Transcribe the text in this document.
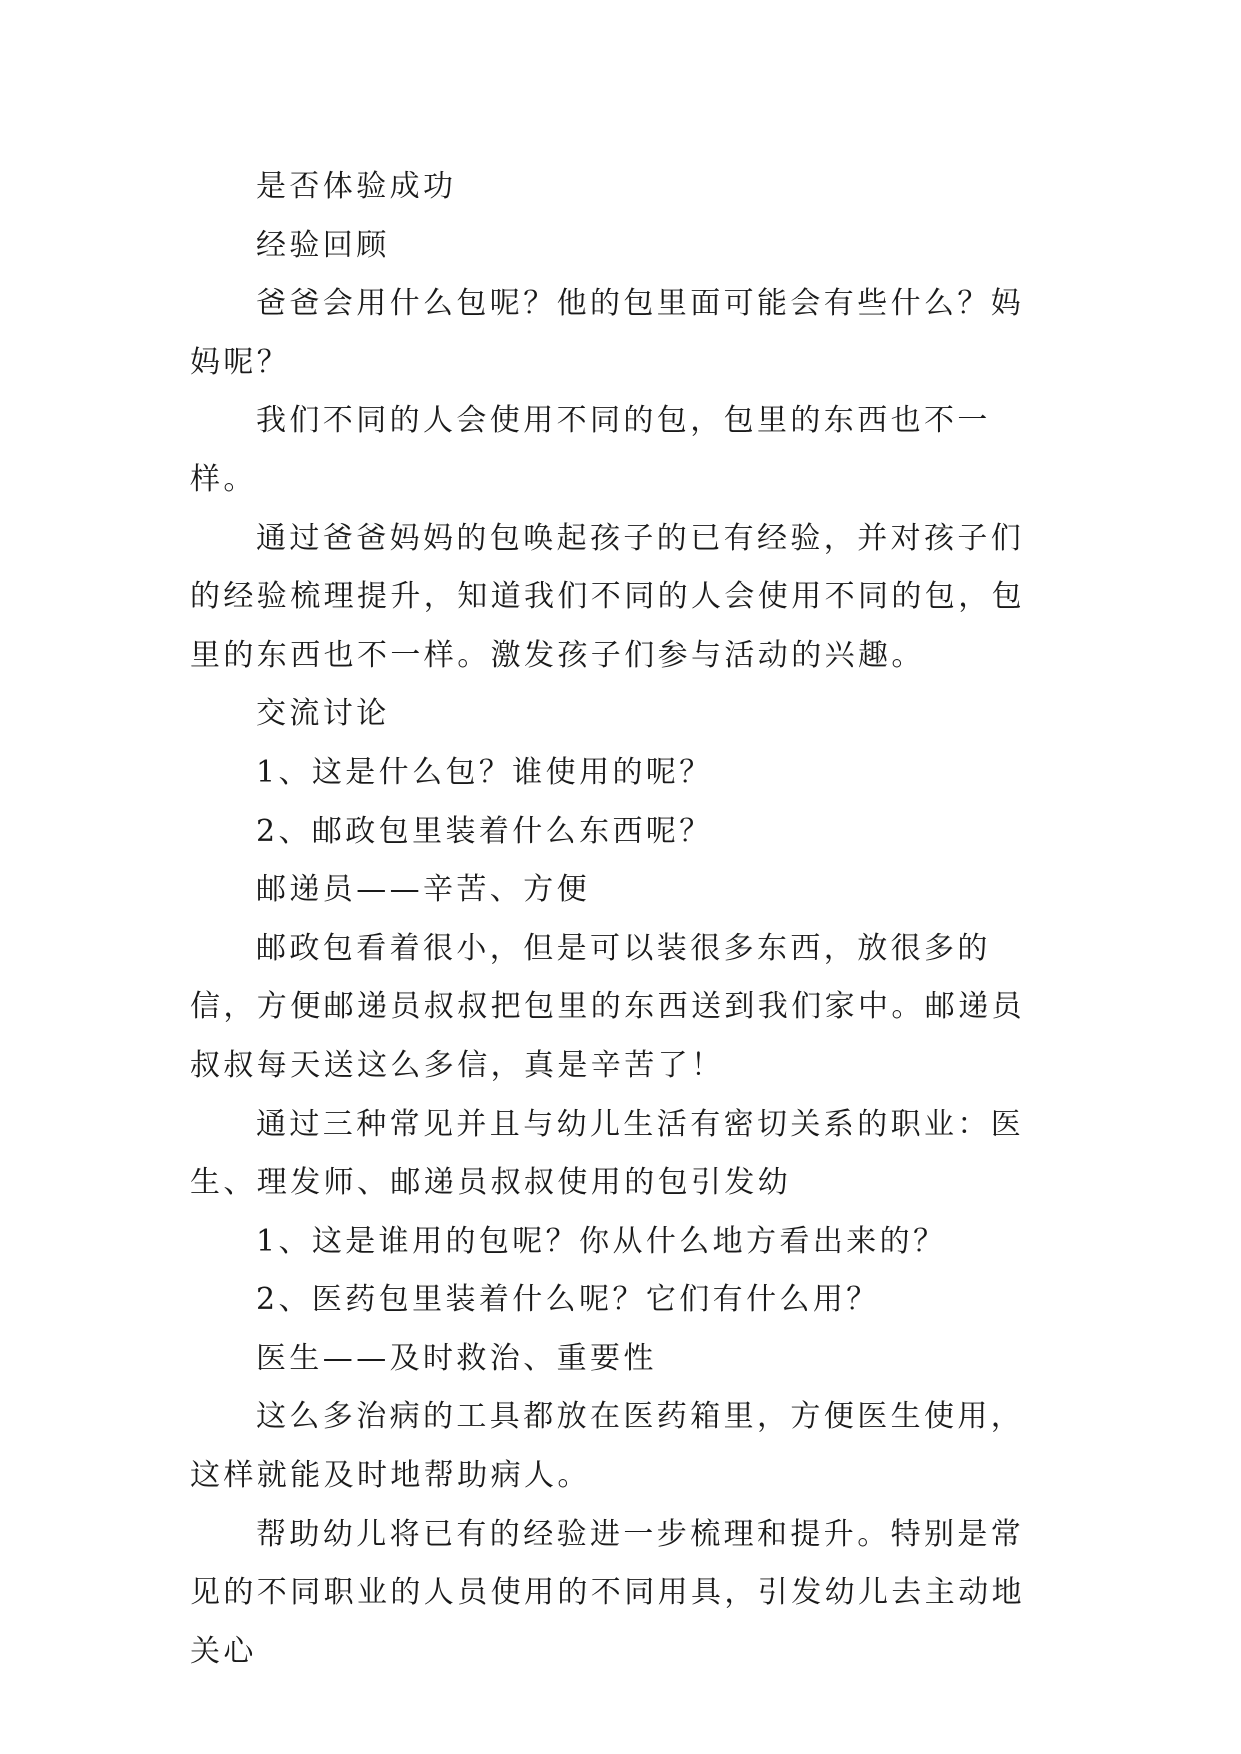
是否体验成功

经验回顾

爸爸会用什么包呢？他的包里面可能会有些什么？妈妈呢？

我们不同的人会使用不同的包，包里的东西也不一样。

通过爸爸妈妈的包唤起孩子的已有经验，并对孩子们的经验梳理提升，知道我们不同的人会使用不同的包，包里的东西也不一样。激发孩子们参与活动的兴趣。

交流讨论

1、这是什么包？谁使用的呢？

2、邮政包里装着什么东西呢？

邮递员——辛苦、方便

邮政包看着很小，但是可以装很多东西，放很多的信，方便邮递员叔叔把包里的东西送到我们家中。邮递员叔叔每天送这么多信，真是辛苦了！

通过三种常见并且与幼儿生活有密切关系的职业：医生、理发师、邮递员叔叔使用的包引发幼

1、这是谁用的包呢？你从什么地方看出来的？

2、医药包里装着什么呢？它们有什么用？

医生——及时救治、重要性

这么多治病的工具都放在医药箱里，方便医生使用，这样就能及时地帮助病人。

帮助幼儿将已有的经验进一步梳理和提升。特别是常见的不同职业的人员使用的不同用具，引发幼儿去主动地关心
